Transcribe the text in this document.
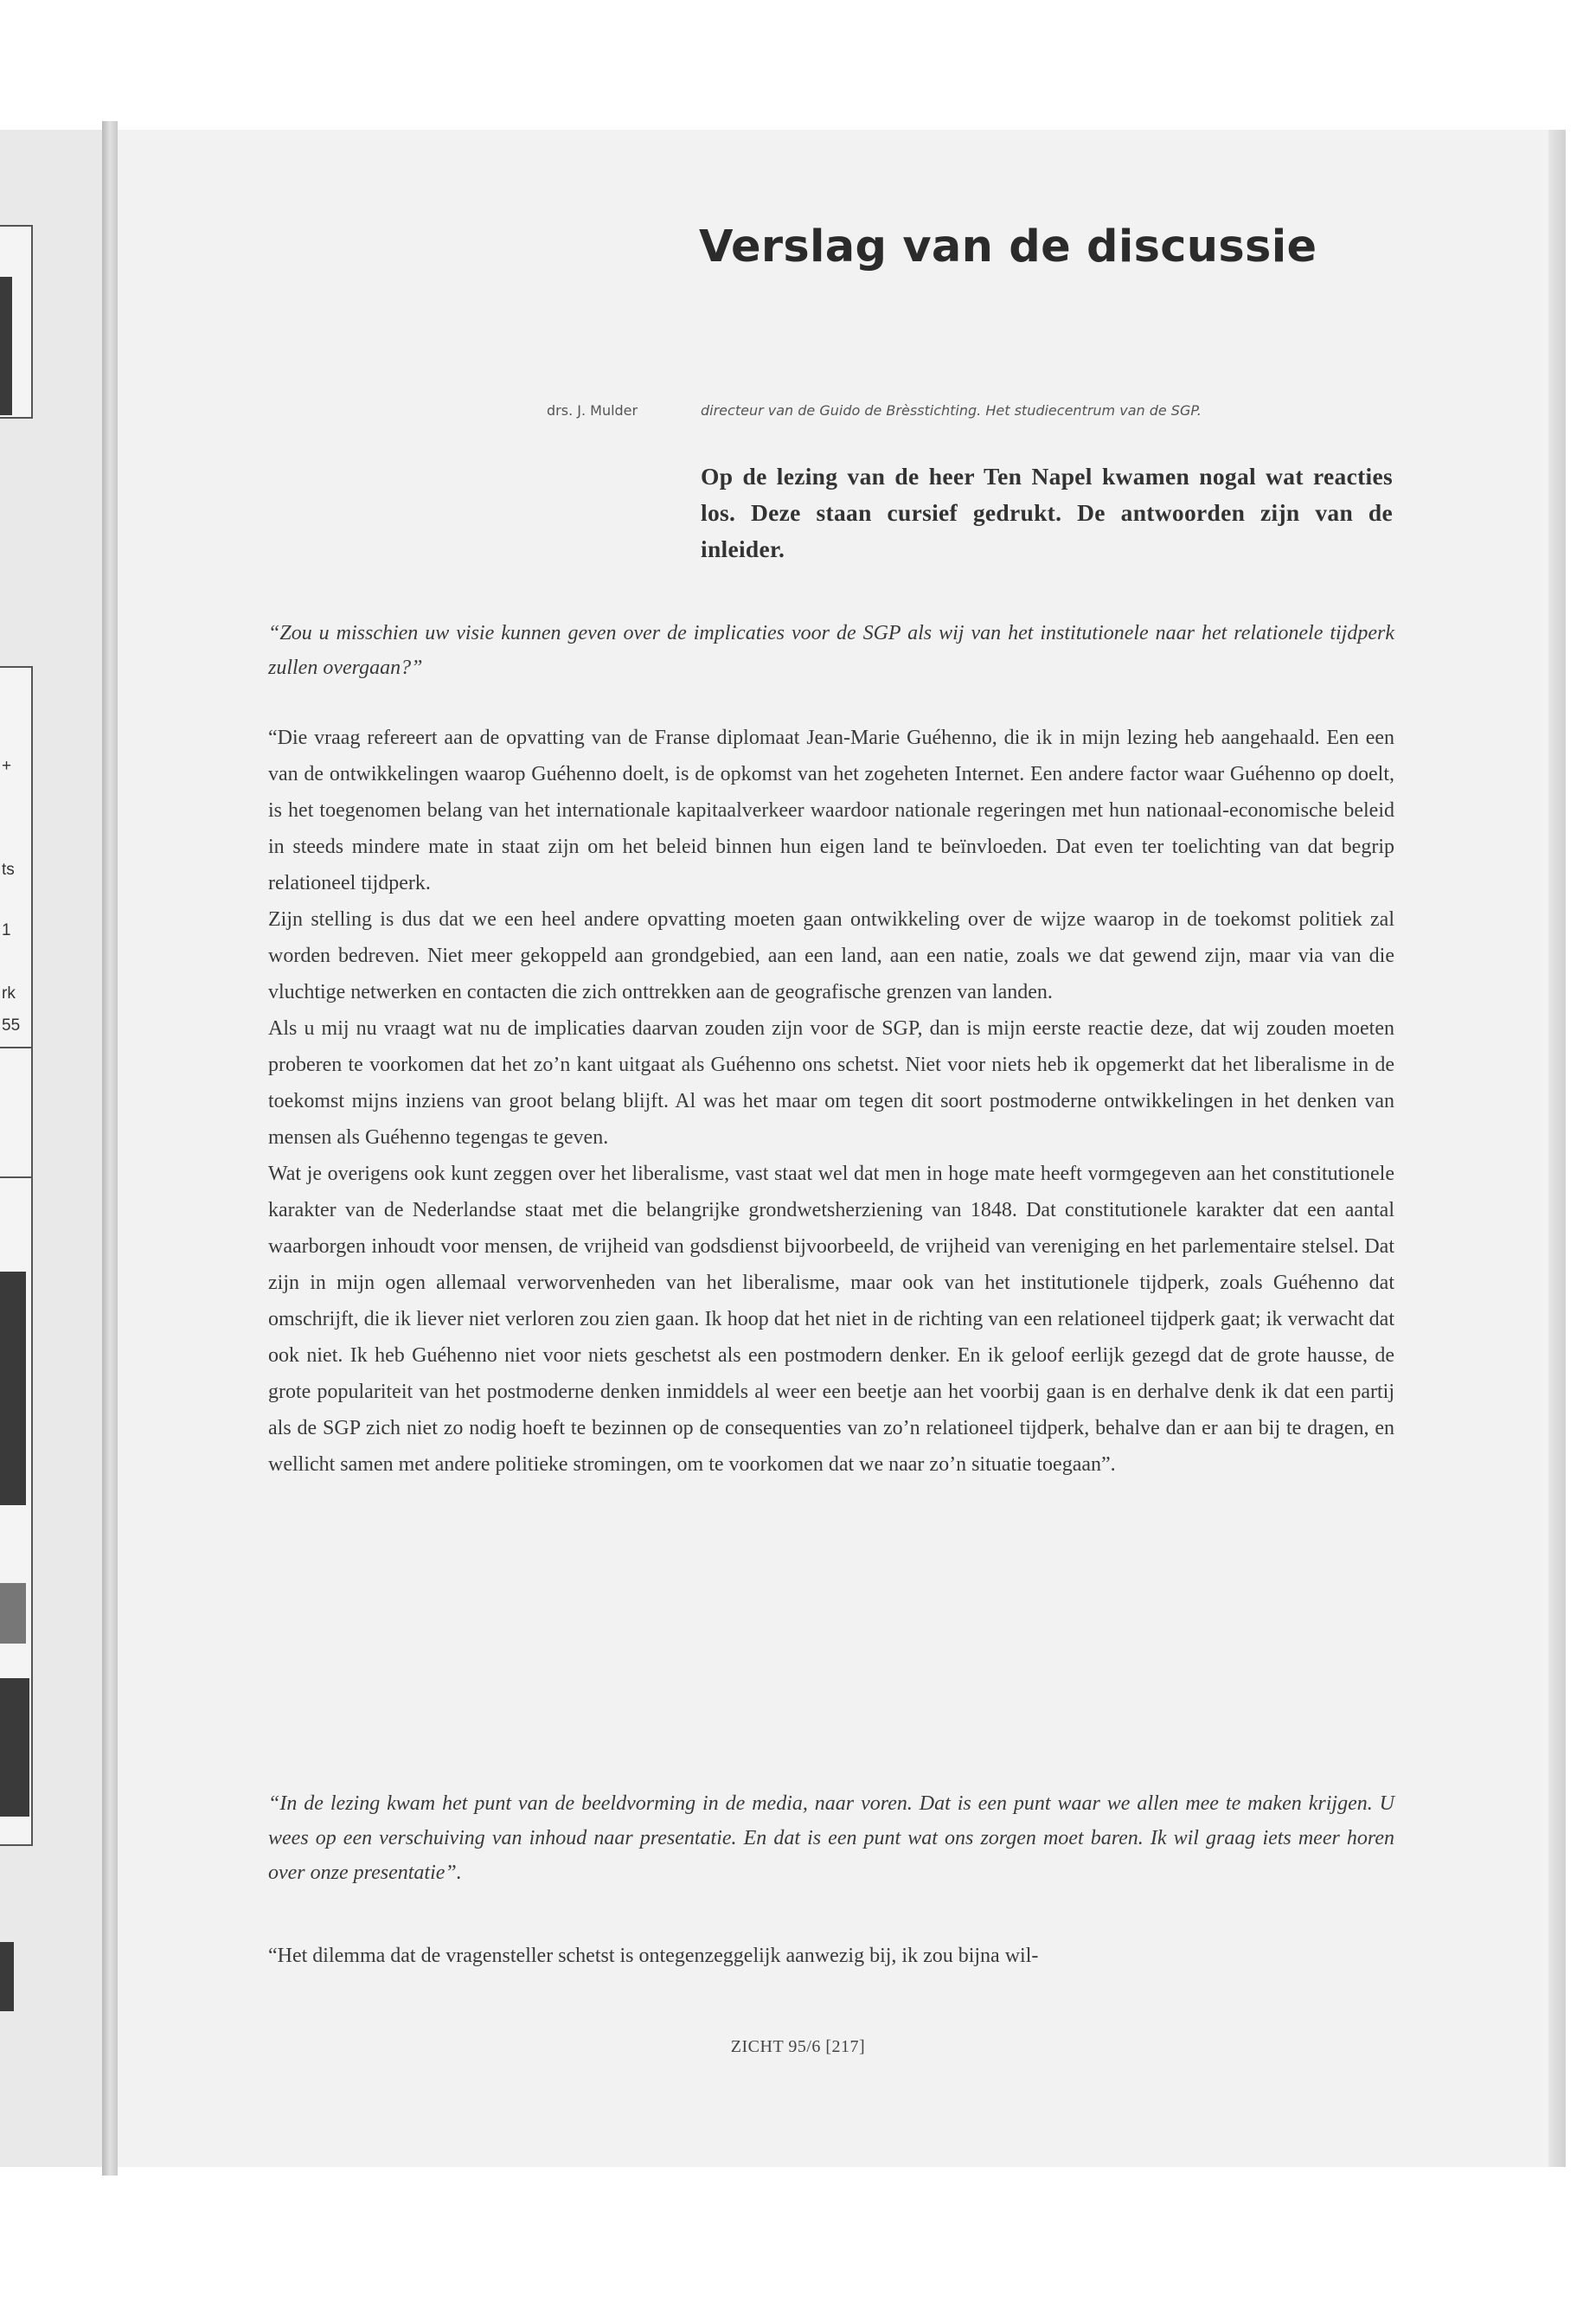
+
ts
1
rk
55
Verslag van de discussie
drs. J. Mulder	directeur van de Guido de Brèsstichting. Het studiecentrum van de SGP.

Op de lezing van de heer Ten Napel kwamen nogal wat reacties los. Deze staan cursief gedrukt. De antwoorden zijn van de inleider.

“Zou u misschien uw visie kunnen geven over de implicaties voor de SGP als wij van het institutionele naar het relationele tijdperk zullen overgaan?”

“Die vraag refereert aan de opvatting van de Franse diplomaat Jean-Marie Guéhenno, die ik in mijn lezing heb aangehaald. Een een van de ontwikkelingen waarop Guéhenno doelt, is de opkomst van het zogeheten Internet. Een andere factor waar Guéhenno op doelt, is het toegenomen belang van het internationale kapitaalverkeer waardoor nationale regeringen met hun nationaal-economische beleid in steeds mindere mate in staat zijn om het beleid binnen hun eigen land te beïnvloeden. Dat even ter toelichting van dat begrip relationeel tijdperk.
Zijn stelling is dus dat we een heel andere opvatting moeten gaan ontwikkeling over de wijze waarop in de toekomst politiek zal worden bedreven. Niet meer gekoppeld aan grondgebied, aan een land, aan een natie, zoals we dat gewend zijn, maar via van die vluchtige netwerken en contacten die zich onttrekken aan de geografische grenzen van landen.
Als u mij nu vraagt wat nu de implicaties daarvan zouden zijn voor de SGP, dan is mijn eerste reactie deze, dat wij zouden moeten proberen te voorkomen dat het zo’n kant uitgaat als Guéhenno ons schetst. Niet voor niets heb ik opgemerkt dat het liberalisme in de toekomst mijns inziens van groot belang blijft. Al was het maar om tegen dit soort postmoderne ontwikkelingen in het denken van mensen als Guéhenno tegengas te geven.
Wat je overigens ook kunt zeggen over het liberalisme, vast staat wel dat men in hoge mate heeft vormgegeven aan het constitutionele karakter van de Nederlandse staat met die belangrijke grondwetsherziening van 1848. Dat constitutionele karakter dat een aantal waarborgen inhoudt voor mensen, de vrijheid van godsdienst bijvoorbeeld, de vrijheid van vereniging en het parlementaire stelsel. Dat zijn in mijn ogen allemaal verworvenheden van het liberalisme, maar ook van het institutionele tijdperk, zoals Guéhenno dat omschrijft, die ik liever niet verloren zou zien gaan. Ik hoop dat het niet in de richting van een relationeel tijdperk gaat; ik verwacht dat ook niet. Ik heb Guéhenno niet voor niets geschetst als een postmodern denker. En ik geloof eerlijk gezegd dat de grote hausse, de grote populariteit van het postmoderne denken inmiddels al weer een beetje aan het voorbij gaan is en derhalve denk ik dat een partij als de SGP zich niet zo nodig hoeft te bezinnen op de consequenties van zo’n relationeel tijdperk, behalve dan er aan bij te dragen, en wellicht samen met andere politieke stromingen, om te voorkomen dat we naar zo’n situatie toegaan”.

“In de lezing kwam het punt van de beeldvorming in de media, naar voren. Dat is een punt waar we allen mee te maken krijgen. U wees op een verschuiving van inhoud naar presentatie. En dat is een punt wat ons zorgen moet baren. Ik wil graag iets meer horen over onze presentatie”.

“Het dilemma dat de vragensteller schetst is ontegenzeggelijk aanwezig bij, ik zou bijna wil-

ZICHT 95/6 [217]
